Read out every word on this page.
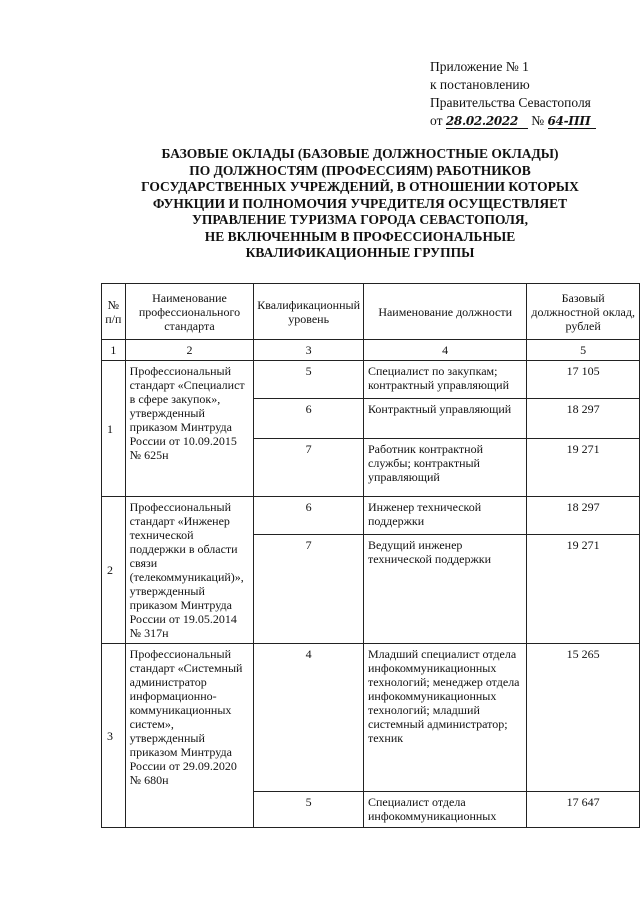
Приложение № 1
к постановлению
Правительства Севастополя
от 28.02.2022 № 64-ПП
БАЗОВЫЕ ОКЛАДЫ (БАЗОВЫЕ ДОЛЖНОСТНЫЕ ОКЛАДЫ)
ПО ДОЛЖНОСТЯМ (ПРОФЕССИЯМ) РАБОТНИКОВ
ГОСУДАРСТВЕННЫХ УЧРЕЖДЕНИЙ, В ОТНОШЕНИИ КОТОРЫХ
ФУНКЦИИ И ПОЛНОМОЧИЯ УЧРЕДИТЕЛЯ ОСУЩЕСТВЛЯЕТ
УПРАВЛЕНИЕ ТУРИЗМА ГОРОДА СЕВАСТОПОЛЯ,
НЕ ВКЛЮЧЕННЫМ В ПРОФЕССИОНАЛЬНЫЕ
КВАЛИФИКАЦИОННЫЕ ГРУППЫ
№ п/п	Наименование профессионального стандарта	Квалификационный уровень	Наименование должности	Базовый должностной оклад, рублей
1	2	3	4	5
1	Профессиональный стандарт «Специалист в сфере закупок», утвержденный приказом Минтруда России от 10.09.2015 № 625н	5	Специалист по закупкам; контрактный управляющий	17 105
		6	Контрактный управляющий	18 297
		7	Работник контрактной службы; контрактный управляющий	19 271
2	Профессиональный стандарт «Инженер технической поддержки в области связи (телекоммуникаций)», утвержденный приказом Минтруда России от 19.05.2014 № 317н	6	Инженер технической поддержки	18 297
		7	Ведущий инженер технической поддержки	19 271
3	Профессиональный стандарт «Системный администратор информационно-коммуникационных систем», утвержденный приказом Минтруда России от 29.09.2020 № 680н	4	Младший специалист отдела инфокоммуникационных технологий; менеджер отдела инфокоммуникационных технологий; младший системный администратор; техник	15 265
		5	Специалист отдела инфокоммуникационных	17 647
